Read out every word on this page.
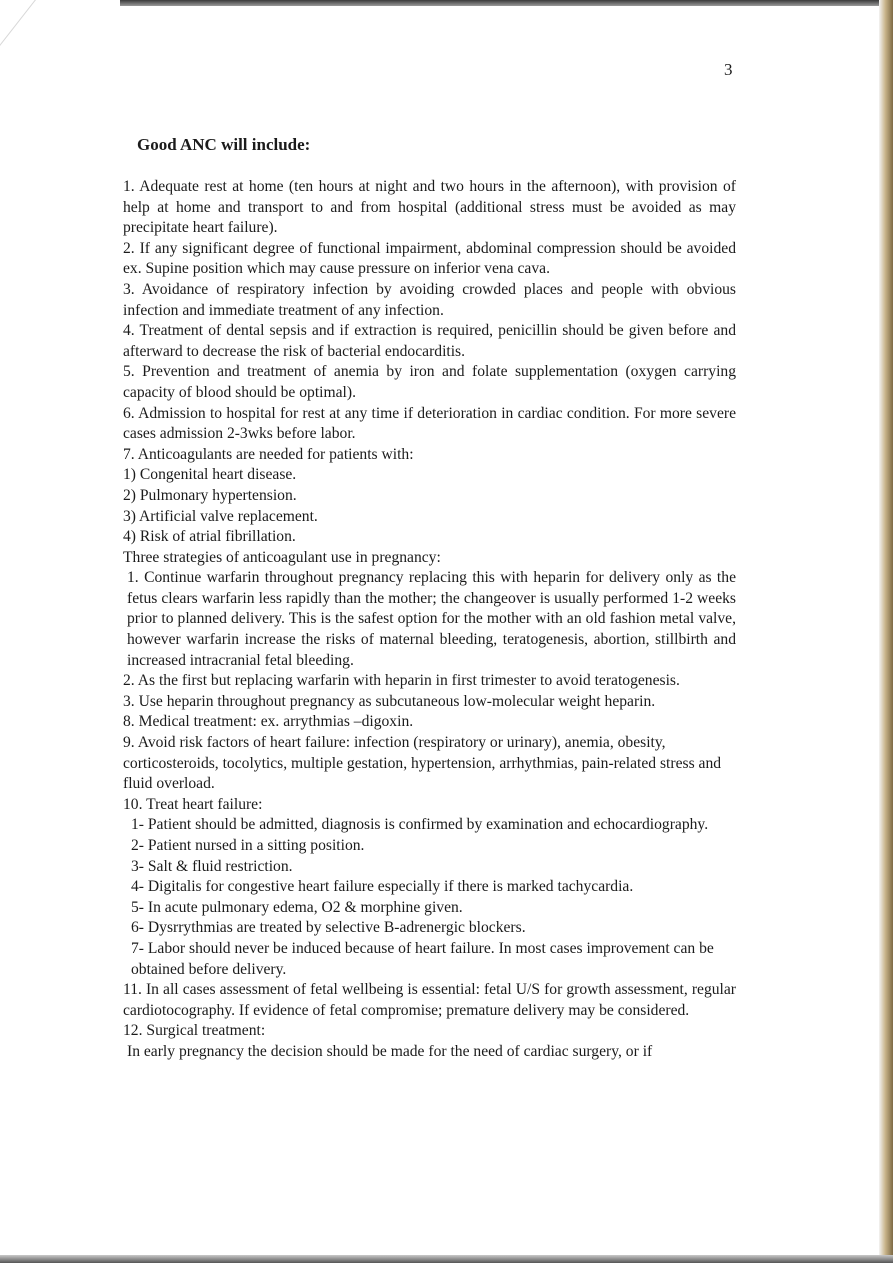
3
Good ANC will include:

1. Adequate rest at home (ten hours at night and two hours in the afternoon), with provision of help at home and transport to and from hospital (additional stress must be avoided as may precipitate heart failure).

2. If any significant degree of functional impairment, abdominal compression should be avoided ex. Supine position which may cause pressure on inferior vena cava.

3. Avoidance of respiratory infection by avoiding crowded places and people with obvious infection and immediate treatment of any infection.

4. Treatment of dental sepsis and if extraction is required, penicillin should be given before and afterward to decrease the risk of bacterial endocarditis.

5. Prevention and treatment of anemia by iron and folate supplementation (oxygen carrying capacity of blood should be optimal).

6. Admission to hospital for rest at any time if deterioration in cardiac condition. For more severe cases admission 2-3wks before labor.

7. Anticoagulants are needed for patients with:

1) Congenital heart disease.

2) Pulmonary hypertension.

3) Artificial valve replacement.

4) Risk of atrial fibrillation.

Three strategies of anticoagulant use in pregnancy:

1. Continue warfarin throughout pregnancy replacing this with heparin for delivery only as the fetus clears warfarin less rapidly than the mother; the changeover is usually performed 1-2 weeks prior to planned delivery. This is the safest option for the mother with an old fashion metal valve, however warfarin increase the risks of maternal bleeding, teratogenesis, abortion, stillbirth and increased intracranial fetal bleeding.

2. As the first but replacing warfarin with heparin in first trimester to avoid teratogenesis.

3. Use heparin throughout pregnancy as subcutaneous low-molecular weight heparin.

8. Medical treatment: ex. arrythmias –digoxin.

9. Avoid risk factors of heart failure: infection (respiratory or urinary), anemia, obesity, corticosteroids, tocolytics, multiple gestation, hypertension, arrhythmias, pain-related stress and fluid overload.

10. Treat heart failure:

1- Patient should be admitted, diagnosis is confirmed by examination and echocardiography.

2- Patient nursed in a sitting position.

3- Salt & fluid restriction.

4- Digitalis for congestive heart failure especially if there is marked tachycardia.

5- In acute pulmonary edema, O2 & morphine given.

6- Dysrrythmias are treated by selective B-adrenergic blockers.

7- Labor should never be induced because of heart failure. In most cases improvement can be obtained before delivery.

11. In all cases assessment of fetal wellbeing is essential: fetal U/S for growth assessment, regular cardiotocography. If evidence of fetal compromise; premature delivery may be considered.

12. Surgical treatment:

In early pregnancy the decision should be made for the need of cardiac surgery, or if
